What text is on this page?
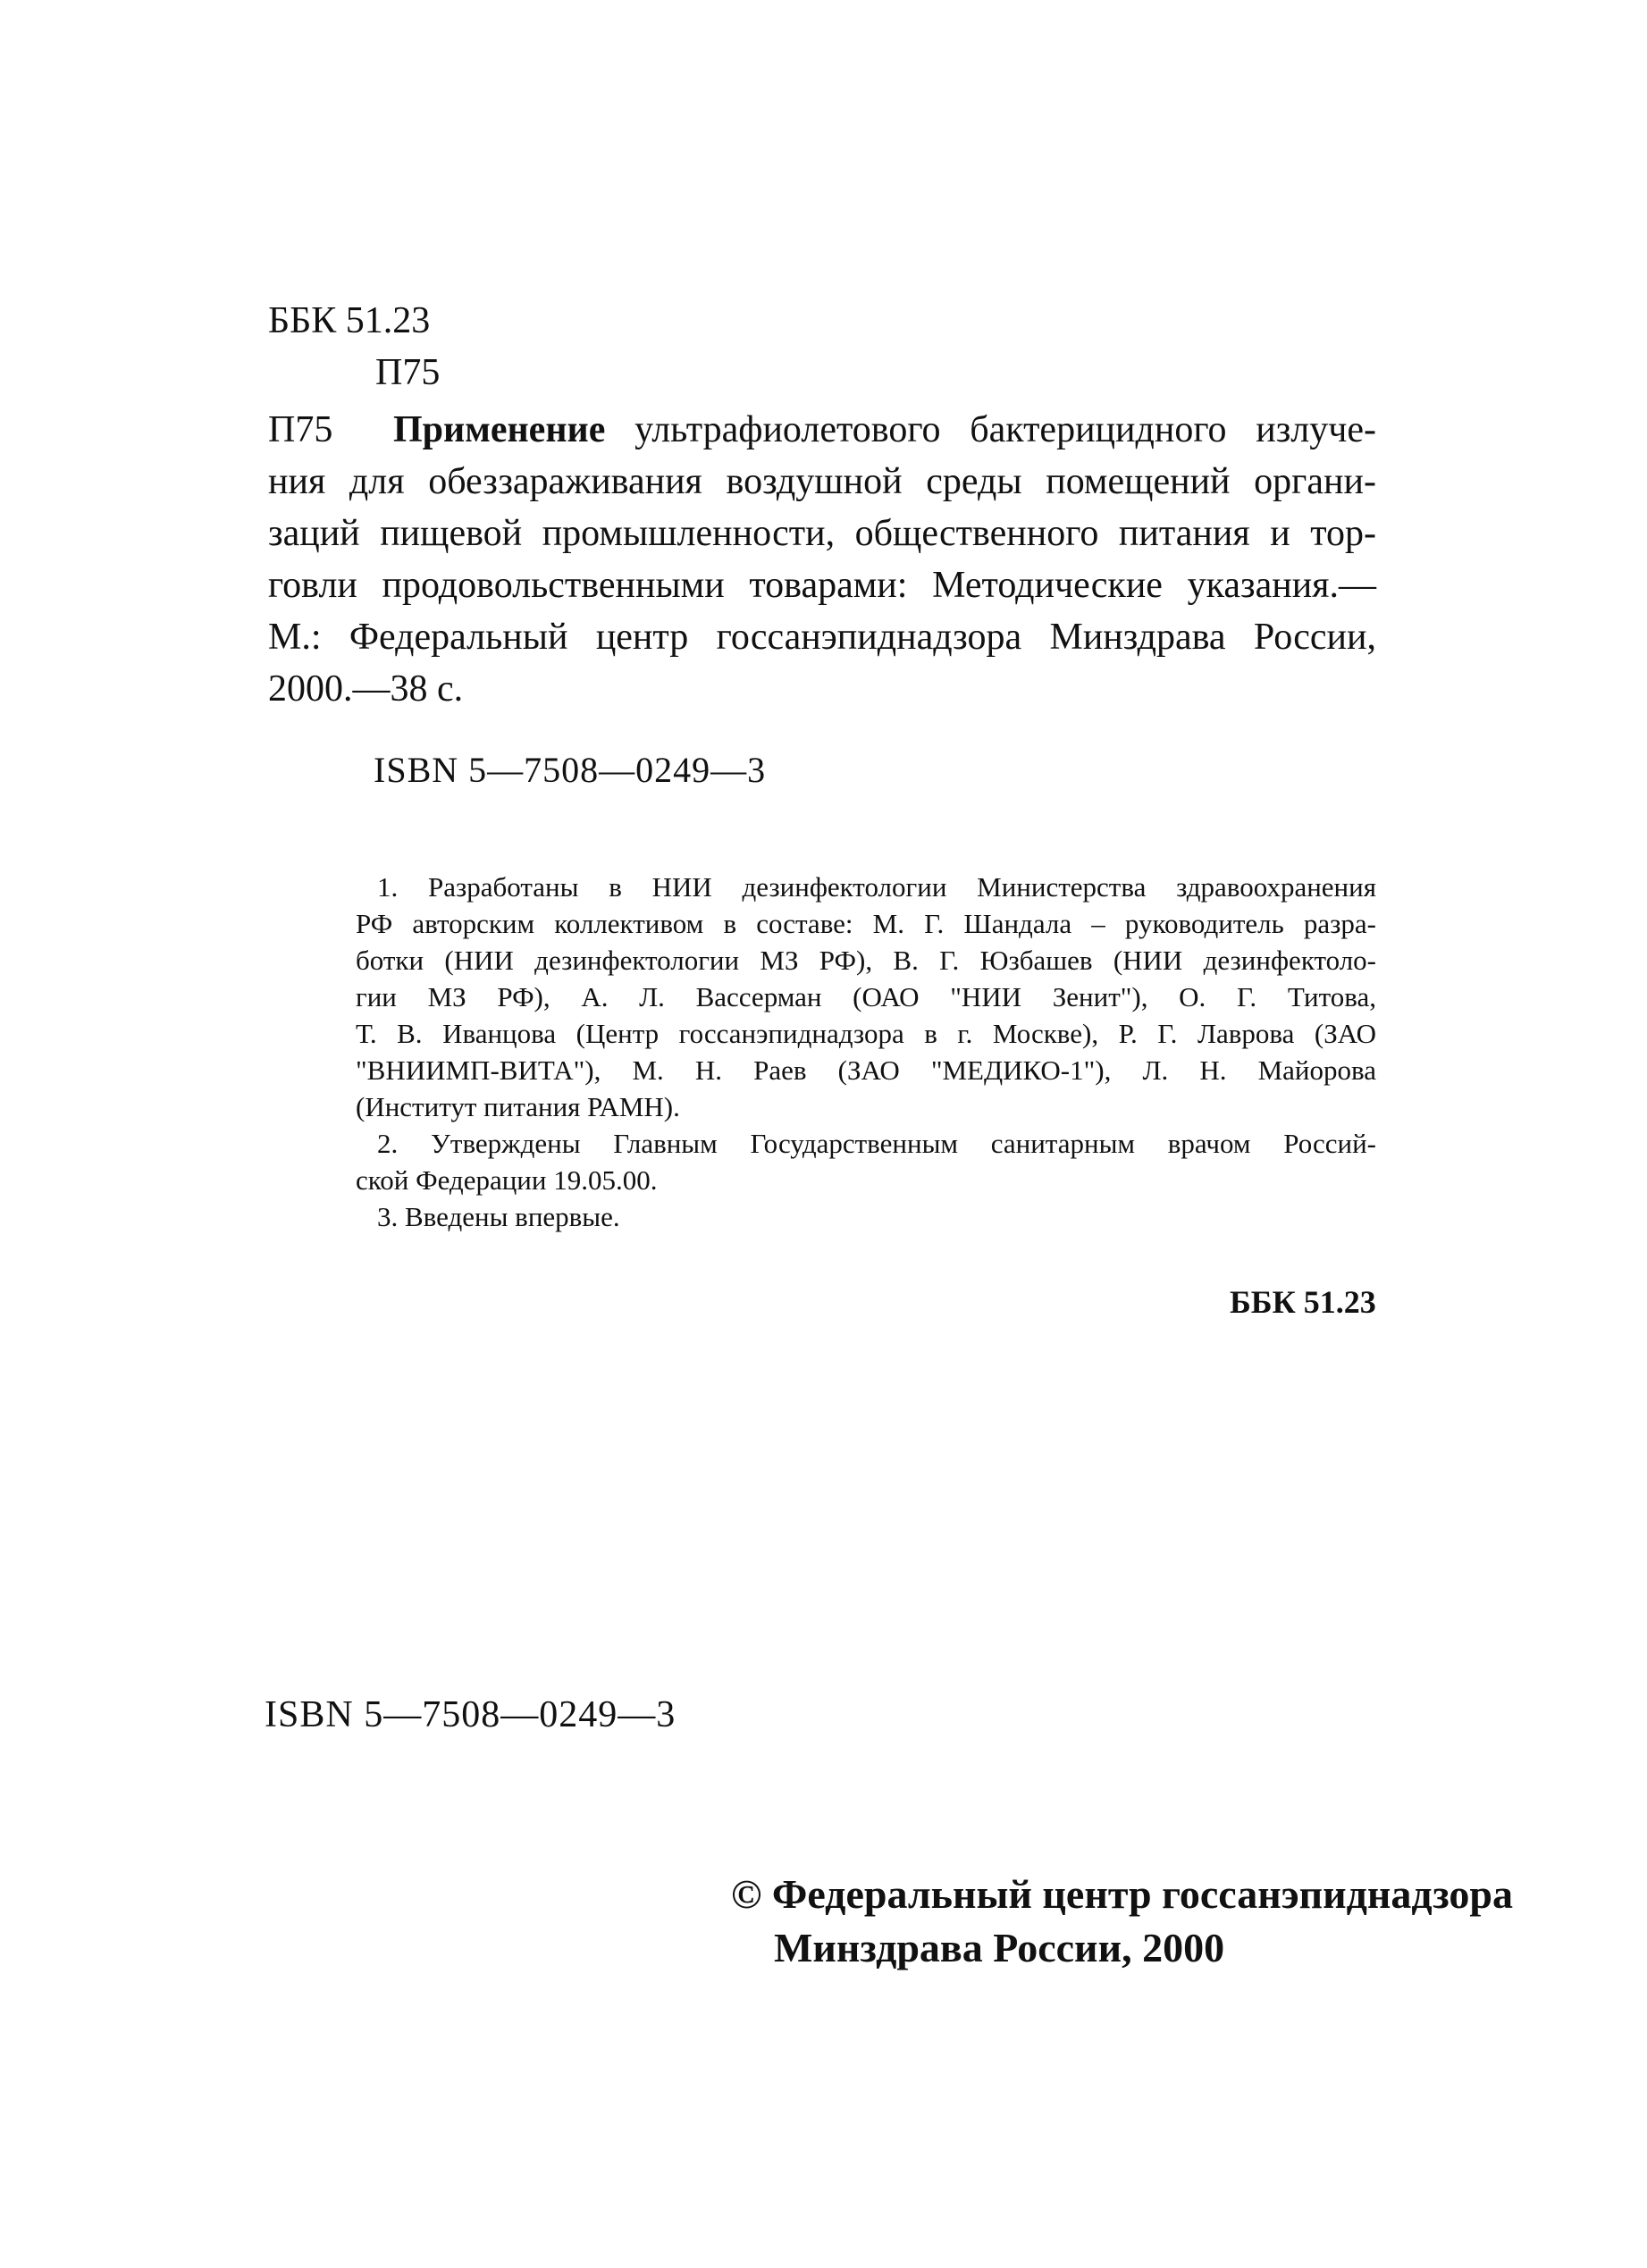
ББК 51.23
П75
П75 Применение ультрафиолетового бактерицидного излуче-
ния для обеззараживания воздушной среды помещений органи-
заций пищевой промышленности, общественного питания и тор-
говли продовольственными товарами: Методические указания.—
М.: Федеральный центр госсанэпиднадзора Минздрава России,
2000.—38 с.
ISBN 5—7508—0249—3
1. Разработаны в НИИ дезинфектологии Министерства здравоохранения
РФ авторским коллективом в составе: М. Г. Шандала – руководитель разра-
ботки (НИИ дезинфектологии МЗ РФ), В. Г. Юзбашев (НИИ дезинфектоло-
гии МЗ РФ), А. Л. Вассерман (ОАО "НИИ Зенит"), О. Г. Титова,
Т. В. Иванцова (Центр госсанэпиднадзора в г. Москве), Р. Г. Лаврова (ЗАО
"ВНИИМП-ВИТА"), М. Н. Раев (ЗАО "МЕДИКО-1"), Л. Н. Майорова
(Институт питания РАМН).
2. Утверждены Главным Государственным санитарным врачом Россий-
ской Федерации 19.05.00.
3. Введены впервые.
ББК 51.23
ISBN 5—7508—0249—3
© Федеральный центр госсанэпиднадзора
Минздрава России, 2000
